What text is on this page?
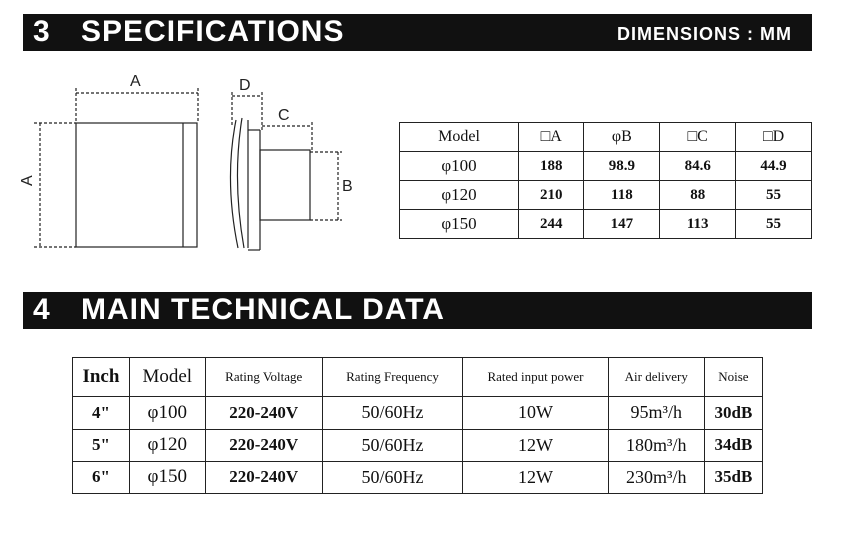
3 SPECIFICATIONS	DIMENSIONS : MM
A
A
D
C
B
Model	□A	φB	□C	□D
φ100	188	98.9	84.6	44.9
φ120	210	118	88	55
φ150	244	147	113	55
4 MAIN TECHNICAL DATA
Inch	Model	Rating Voltage	Rating Frequency	Rated input power	Air delivery	Noise
4"	φ100	220-240V	50/60Hz	10W	95m³/h	30dB
5"	φ120	220-240V	50/60Hz	12W	180m³/h	34dB
6"	φ150	220-240V	50/60Hz	12W	230m³/h	35dB
